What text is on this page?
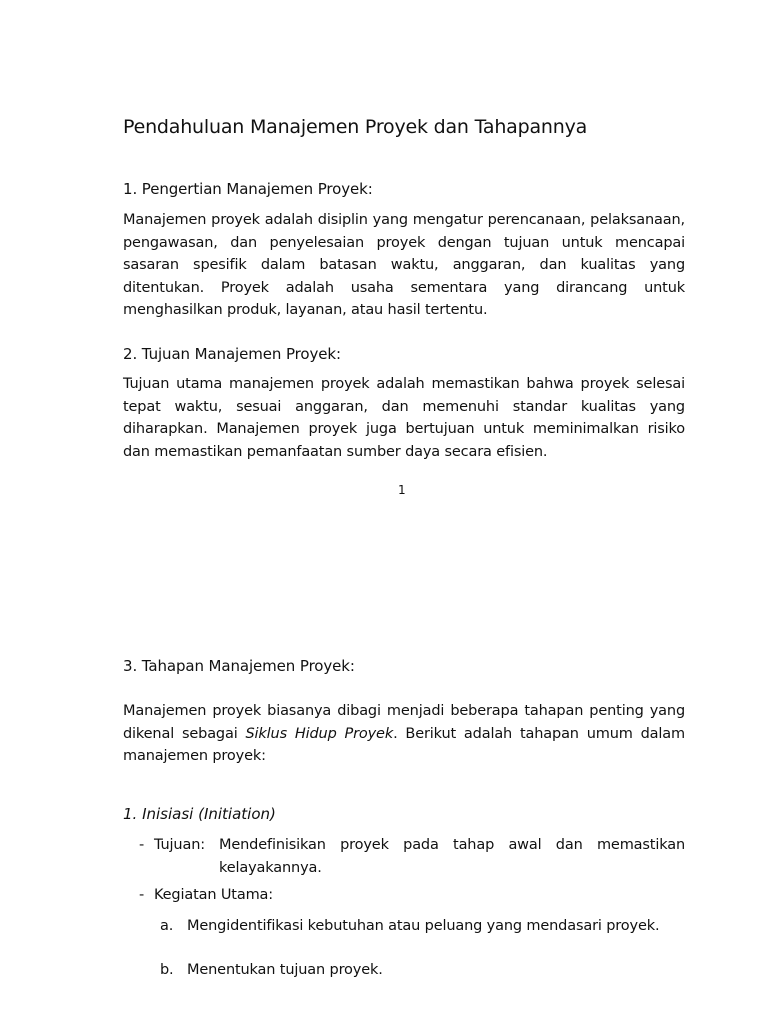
Pendahuluan Manajemen Proyek dan Tahapannya
1. Pengertian Manajemen Proyek:

Manajemen proyek adalah disiplin yang mengatur perencanaan, pelaksanaan, pengawasan, dan penyelesaian proyek dengan tujuan untuk mencapai sasaran spesifik dalam batasan waktu, anggaran, dan kualitas yang ditentukan. Proyek adalah usaha sementara yang dirancang untuk menghasilkan produk, layanan, atau hasil tertentu.

2. Tujuan Manajemen Proyek:

Tujuan utama manajemen proyek adalah memastikan bahwa proyek selesai tepat waktu, sesuai anggaran, dan memenuhi standar kualitas yang diharapkan. Manajemen proyek juga bertujuan untuk meminimalkan risiko dan memastikan pemanfaatan sumber daya secara efisien.

1
3. Tahapan Manajemen Proyek:

Manajemen proyek biasanya dibagi menjadi beberapa tahapan penting yang dikenal sebagai Siklus Hidup Proyek. Berikut adalah tahapan umum dalam manajemen proyek:

1. Inisiasi (Initiation)
- Tujuan: Mendefinisikan proyek pada tahap awal dan memastikan kelayakannya.
- Kegiatan Utama:
a. Mengidentifikasi kebutuhan atau peluang yang mendasari proyek.
b. Menentukan tujuan proyek.
